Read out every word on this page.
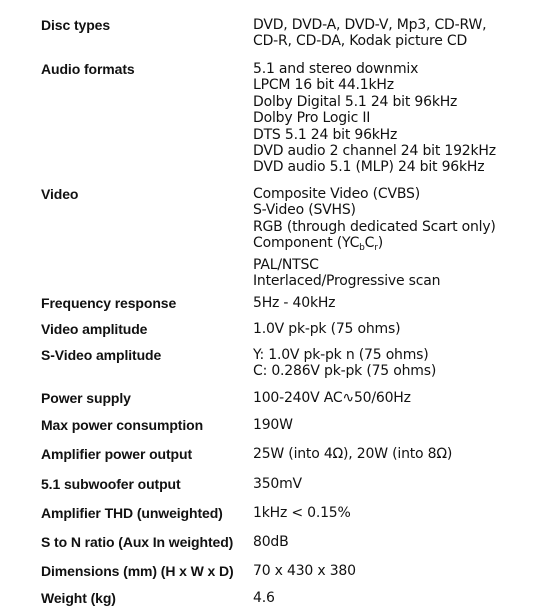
Disc types	DVD, DVD-A, DVD-V, Mp3, CD-RW,
CD-R, CD-DA, Kodak picture CD
Audio formats	5.1 and stereo downmix
LPCM 16 bit 44.1kHz
Dolby Digital 5.1 24 bit 96kHz
Dolby Pro Logic II
DTS 5.1 24 bit 96kHz
DVD audio 2 channel 24 bit 192kHz
DVD audio 5.1 (MLP) 24 bit 96kHz
Video	Composite Video (CVBS)
S-Video (SVHS)
RGB (through dedicated Scart only)
Component $(YC_bC_r)$
PAL/NTSC
Interlaced/Progressive scan
Frequency response	5Hz - 40kHz
Video amplitude	1.0V pk-pk (75 ohms)
S-Video amplitude	Y: 1.0V pk-pk n (75 ohms)
C: 0.286V pk-pk (75 ohms)
Power supply	100-240V AC∿50/60Hz
Max power consumption	190W
Amplifier power output	25W (into 4Ω), 20W (into 8Ω)
5.1 subwoofer output	350mV
Amplifier THD (unweighted) 1kHz < 0.15%
S to N ratio (Aux In weighted) 80dB
Dimensions (mm) (H x W x D) 70 x 430 x 380
Weight (kg)	4.6
